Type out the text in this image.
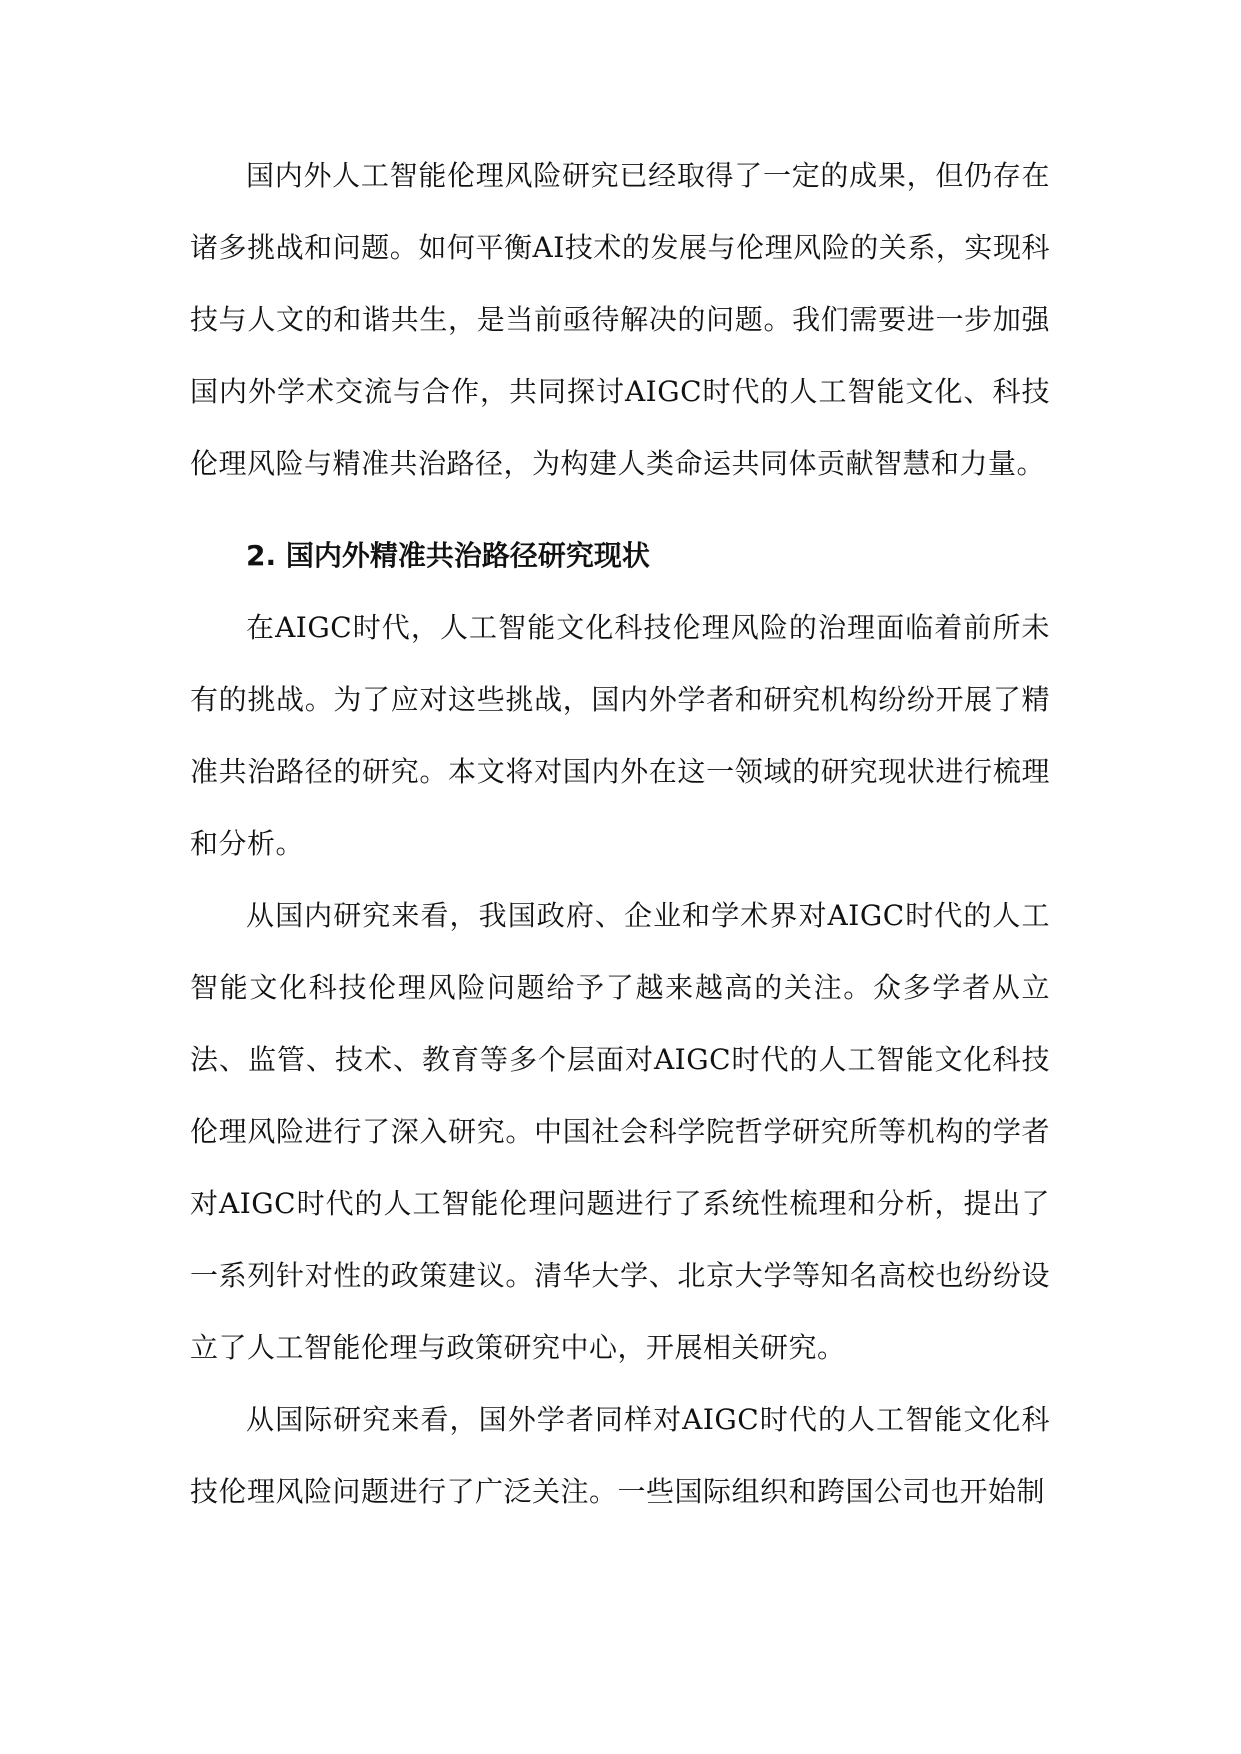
国内外人工智能伦理风险研究已经取得了一定的成果，但仍存在诸多挑战和问题。如何平衡AI技术的发展与伦理风险的关系，实现科技与人文的和谐共生，是当前亟待解决的问题。我们需要进一步加强国内外学术交流与合作，共同探讨AIGC时代的人工智能文化、科技伦理风险与精准共治路径，为构建人类命运共同体贡献智慧和力量。

2. 国内外精准共治路径研究现状

在AIGC时代，人工智能文化科技伦理风险的治理面临着前所未有的挑战。为了应对这些挑战，国内外学者和研究机构纷纷开展了精准共治路径的研究。本文将对国内外在这一领域的研究现状进行梳理和分析。

从国内研究来看，我国政府、企业和学术界对AIGC时代的人工智能文化科技伦理风险问题给予了越来越高的关注。众多学者从立法、监管、技术、教育等多个层面对AIGC时代的人工智能文化科技伦理风险进行了深入研究。中国社会科学院哲学研究所等机构的学者对AIGC时代的人工智能伦理问题进行了系统性梳理和分析，提出了一系列针对性的政策建议。清华大学、北京大学等知名高校也纷纷设立了人工智能伦理与政策研究中心，开展相关研究。

从国际研究来看，国外学者同样对AIGC时代的人工智能文化科技伦理风险问题进行了广泛关注。一些国际组织和跨国公司也开始制
